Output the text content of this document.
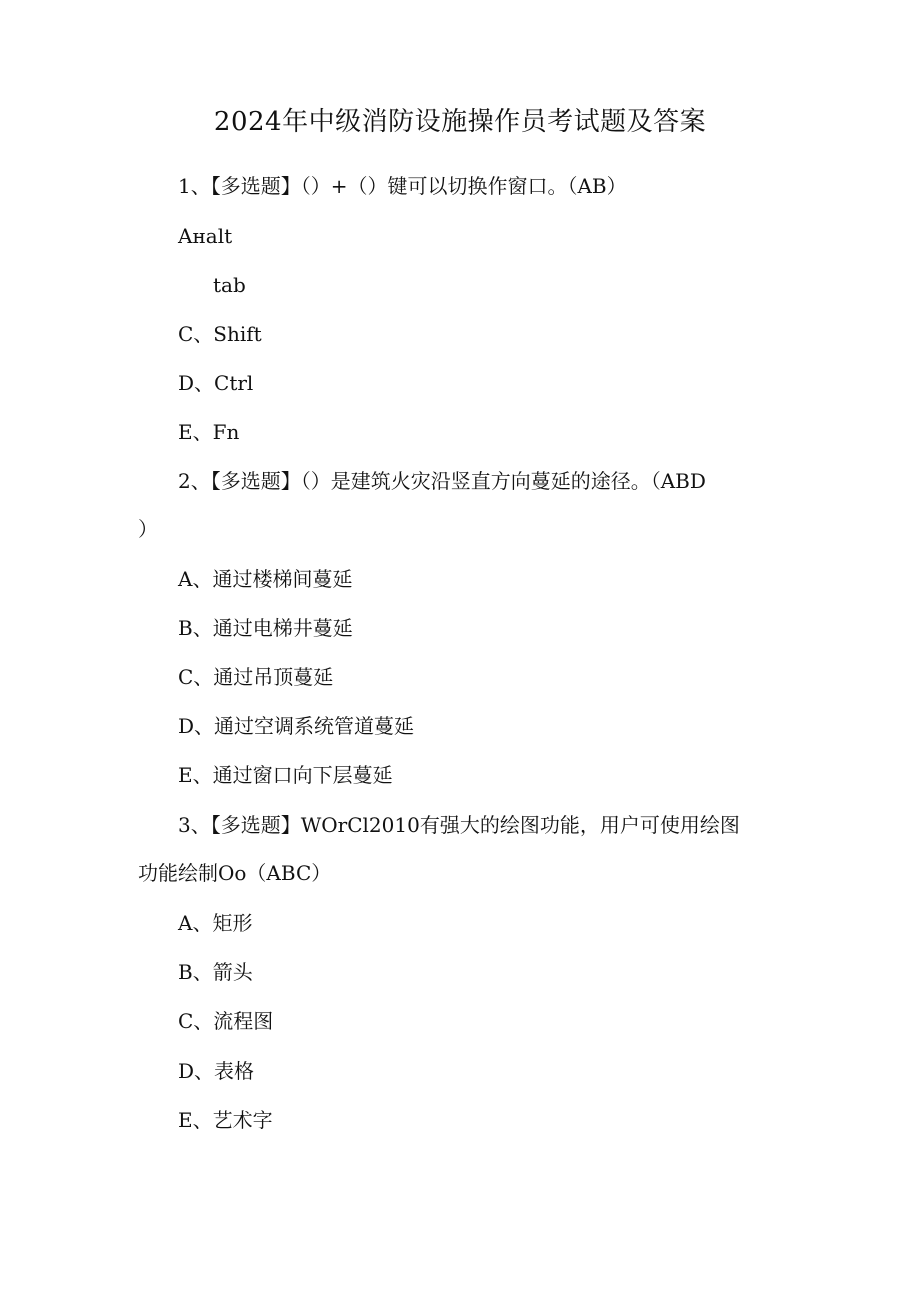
2024年中级消防设施操作员考试题及答案
1、【多选题】（）+（）键可以切换作窗口。（AB）
Aʜalt
tab
C、Shift
D、Ctrl
E、Fn
2、【多选题】（）是建筑火灾沿竖直方向蔓延的途径。（ABD
）
A、通过楼梯间蔓延
B、通过电梯井蔓延
C、通过吊顶蔓延
D、通过空调系统管道蔓延
E、通过窗口向下层蔓延
3、【多选题】WOrCl2010有强大的绘图功能，用户可使用绘图
功能绘制Oo（ABC）
A、矩形
B、箭头
C、流程图
D、表格
E、艺术字
